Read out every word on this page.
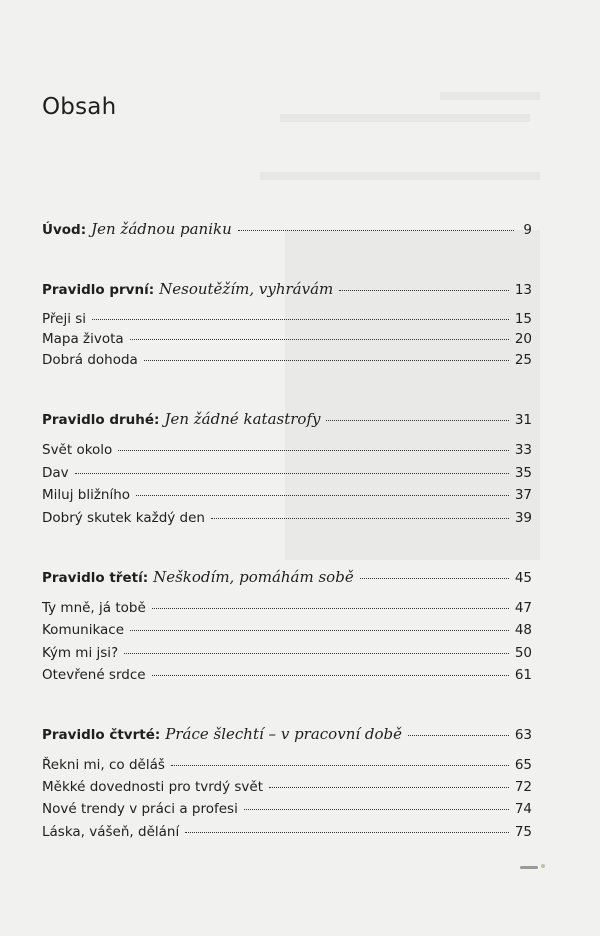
Obsah
Úvod: Jen žádnou paniku	9
Pravidlo první: Nesoutěžím, vyhrávám	13
Přeji si	15
Mapa života	20
Dobrá dohoda	25
Pravidlo druhé: Jen žádné katastrofy	31
Svět okolo	33
Dav	35
Miluj bližního	37
Dobrý skutek každý den	39
Pravidlo třetí: Neškodím, pomáhám sobě	45
Ty mně, já tobě	47
Komunikace	48
Kým mi jsi?	50
Otevřené srdce	61
Pravidlo čtvrté: Práce šlechtí – v pracovní době	63
Řekni mi, co děláš	65
Měkké dovednosti pro tvrdý svět	72
Nové trendy v práci a profesi	74
Láska, vášeň, dělání	75
